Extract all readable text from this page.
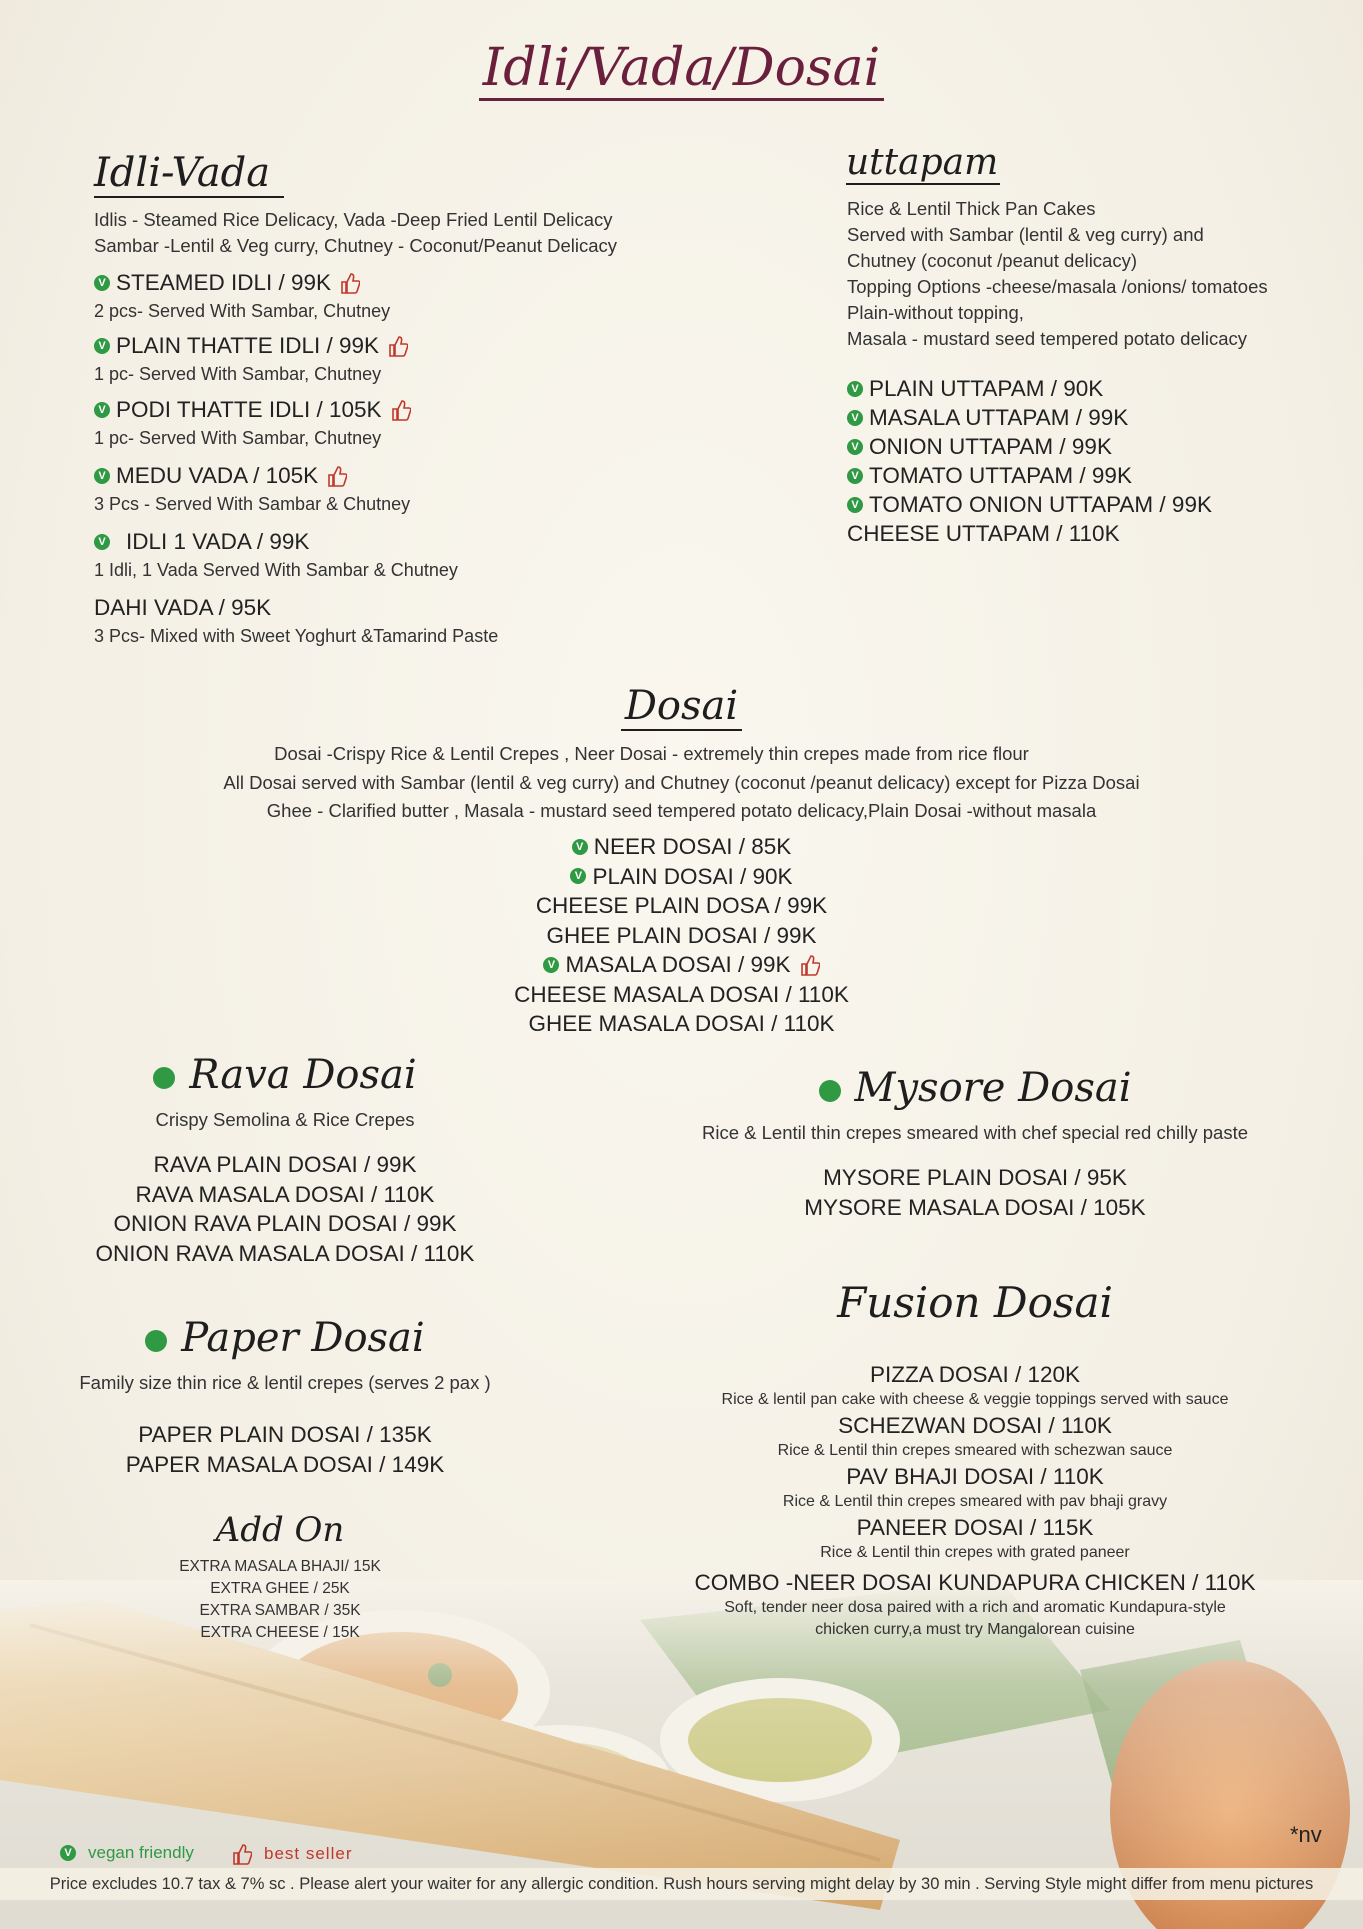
Idli/Vada/Dosai
Idli-Vada
Idlis - Steamed Rice Delicacy, Vada -Deep Fried Lentil Delicacy
Sambar -Lentil & Veg curry, Chutney - Coconut/Peanut Delicacy
V STEAMED IDLI / 99K
2 pcs- Served With Sambar, Chutney
V PLAIN THATTE IDLI / 99K
1 pc- Served With Sambar, Chutney
V PODI THATTE IDLI / 105K
1 pc- Served With Sambar, Chutney
V MEDU VADA / 105K
3 Pcs - Served With Sambar & Chutney
V IDLI 1 VADA / 99K
1 Idli, 1 Vada Served With Sambar & Chutney
DAHI VADA / 95K
3 Pcs- Mixed with Sweet Yoghurt &Tamarind Paste
uttapam
Rice & Lentil Thick Pan Cakes
Served with Sambar (lentil & veg curry) and
Chutney (coconut /peanut delicacy)
Topping Options -cheese/masala /onions/ tomatoes
Plain-without topping,
Masala - mustard seed tempered potato delicacy
V PLAIN UTTAPAM / 90K
V MASALA UTTAPAM / 99K
V ONION UTTAPAM / 99K
V TOMATO UTTAPAM / 99K
V TOMATO ONION UTTAPAM / 99K
CHEESE UTTAPAM / 110K
Dosai
Dosai -Crispy Rice & Lentil Crepes , Neer Dosai - extremely thin crepes made from rice flour
All Dosai served with Sambar (lentil & veg curry) and Chutney (coconut /peanut delicacy) except for Pizza Dosai
Ghee - Clarified butter , Masala - mustard seed tempered potato delicacy,Plain Dosai -without masala
V NEER DOSAI / 85K
V PLAIN DOSAI / 90K
CHEESE PLAIN DOSA / 99K
GHEE PLAIN DOSAI / 99K
V MASALA DOSAI / 99K
CHEESE MASALA DOSAI / 110K
GHEE MASALA DOSAI / 110K
Rava Dosai
Crispy Semolina & Rice Crepes
RAVA PLAIN DOSAI / 99K
RAVA MASALA DOSAI / 110K
ONION RAVA PLAIN DOSAI / 99K
ONION RAVA MASALA DOSAI / 110K
Mysore Dosai
Rice & Lentil thin crepes smeared with chef special red chilly paste
MYSORE PLAIN DOSAI / 95K
MYSORE MASALA DOSAI / 105K
Paper Dosai
Family size thin rice & lentil crepes (serves 2 pax )
PAPER PLAIN DOSAI / 135K
PAPER MASALA DOSAI / 149K
Add On
EXTRA MASALA BHAJI/ 15K
EXTRA GHEE / 25K
EXTRA SAMBAR / 35K
EXTRA CHEESE / 15K
Fusion Dosai
PIZZA DOSAI / 120K
Rice & lentil pan cake with cheese & veggie toppings served with sauce
SCHEZWAN DOSAI / 110K
Rice & Lentil thin crepes smeared with schezwan sauce
PAV BHAJI DOSAI / 110K
Rice & Lentil thin crepes smeared with pav bhaji gravy
PANEER DOSAI / 115K
Rice & Lentil thin crepes with grated paneer
COMBO -NEER DOSAI KUNDAPURA CHICKEN / 110K
Soft, tender neer dosa paired with a rich and aromatic Kundapura-style
chicken curry,a must try Mangalorean cuisine
V vegan friendly	best seller
*nv
Price excludes 10.7 tax & 7% sc . Please alert your waiter for any allergic condition. Rush hours serving might delay by 30 min . Serving Style might differ from menu pictures
